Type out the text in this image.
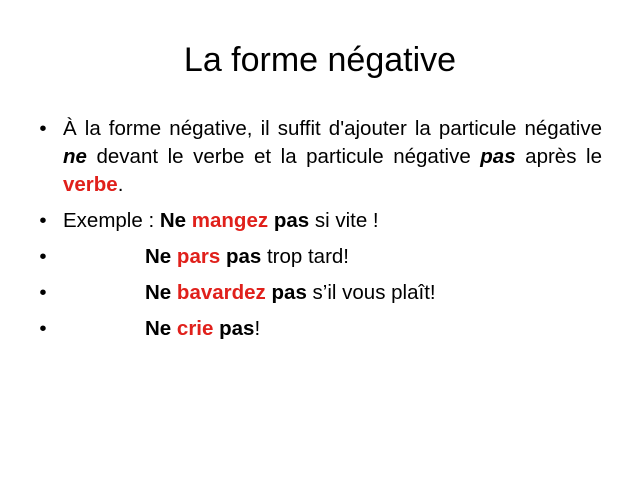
La forme négative
• À la forme négative, il suffit d'ajouter la particule négative ne devant le verbe et la particule négative pas après le verbe.
• Exemple : Ne mangez pas si vite !
•	Ne pars pas trop tard!
•	Ne bavardez pas s’il vous plaît!
•	Ne crie pas!
